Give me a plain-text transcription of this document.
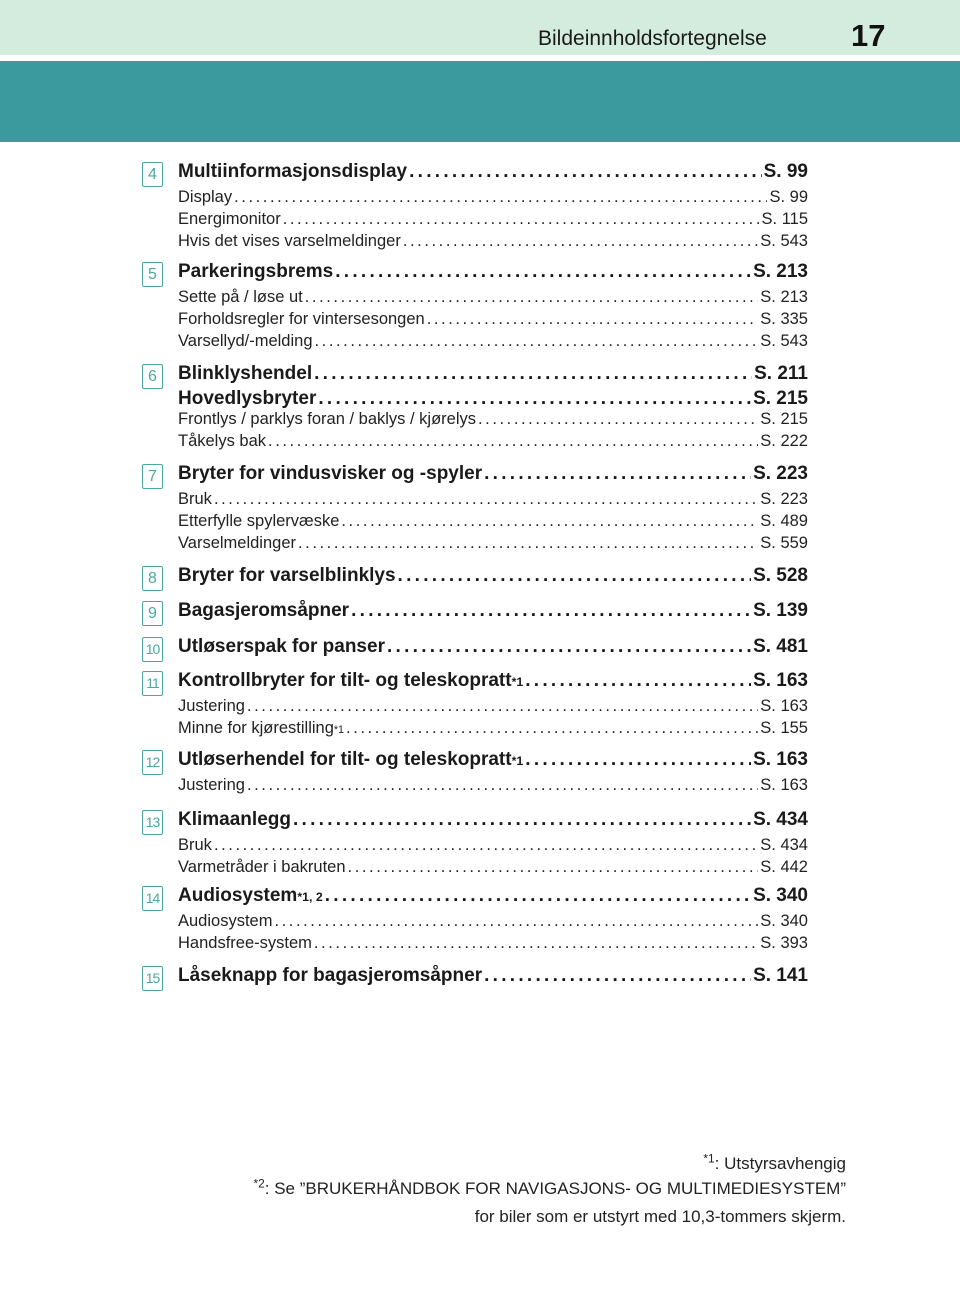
Bildeinnholdsfortegnelse	17
4	Multiinformasjonsdisplay . . .	S. 99
Display . . .	S. 99
Energimonitor . . .	S. 115
Hvis det vises varselmeldinger . . .	S. 543
5	Parkeringsbrems . . .	S. 213
Sette på / løse ut . . .	S. 213
Forholdsregler for vintersesongen . . .	S. 335
Varsellyd/-melding . . .	S. 543
6	Blinklyshendel . . .	S. 211
Hovedlysbryter . . .	S. 215
Frontlys / parklys foran / baklys / kjørelys . . .	S. 215
Tåkelys bak . . .	S. 222
7	Bryter for vindusvisker og -spyler . . .	S. 223
Bruk . . .	S. 223
Etterfylle spylervæske . . .	S. 489
Varselmeldinger . . .	S. 559
8	Bryter for varselblinklys . . .	S. 528
9	Bagasjeromsåpner . . .	S. 139
10 Utløserspak for panser . . .	S. 481
11 Kontrollbryter for tilt- og teleskopratt *1 . . .	S. 163
Justering . . .	S. 163
Minne for kjørestilling *1 . . .	S. 155
12 Utløserhendel for tilt- og teleskopratt *1 . . .	S. 163
Justering . . .	S. 163
13 Klimaanlegg . . .	S. 434
Bruk . . .	S. 434
Varmetråder i bakruten . . .	S. 442
14 Audiosystem *1, 2 . . .	S. 340
Audiosystem . . .	S. 340
Handsfree-system . . .	S. 393
15 Låseknapp for bagasjeromsåpner . . .	S. 141
$^{*1}$: Utstyrsavhengig
$^{*2}$: Se ”BRUKERHÅNDBOK FOR NAVIGASJONS- OG MULTIMEDIESYSTEM”
for biler som er utstyrt med 10,3-tommers skjerm.
